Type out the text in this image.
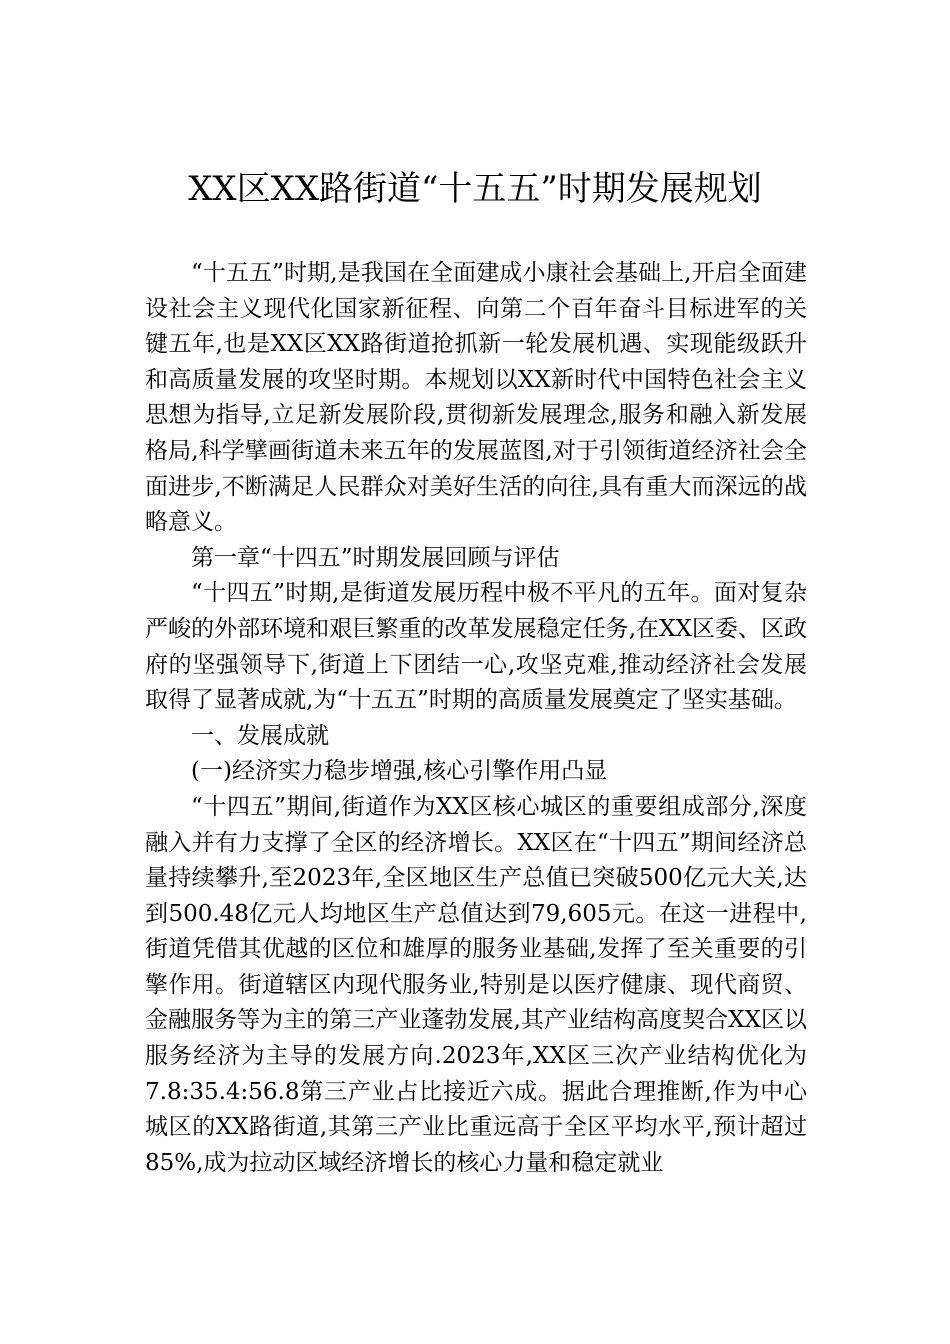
XX区XX路街道“十五五”时期发展规划

“十五五”时期,是我国在全面建成小康社会基础上,开启全面建设社会主义现代化国家新征程、向第二个百年奋斗目标进军的关键五年,也是XX区XX路街道抢抓新一轮发展机遇、实现能级跃升和高质量发展的攻坚时期。本规划以XX新时代中国特色社会主义思想为指导,立足新发展阶段,贯彻新发展理念,服务和融入新发展格局,科学擘画街道未来五年的发展蓝图,对于引领街道经济社会全面进步,不断满足人民群众对美好生活的向往,具有重大而深远的战略意义。

第一章“十四五”时期发展回顾与评估

“十四五”时期,是街道发展历程中极不平凡的五年。面对复杂严峻的外部环境和艰巨繁重的改革发展稳定任务,在XX区委、区政府的坚强领导下,街道上下团结一心,攻坚克难,推动经济社会发展取得了显著成就,为“十五五”时期的高质量发展奠定了坚实基础。

一、发展成就

(一)经济实力稳步增强,核心引擎作用凸显

“十四五”期间,街道作为XX区核心城区的重要组成部分,深度融入并有力支撑了全区的经济增长。XX区在“十四五”期间经济总量持续攀升,至2023年,全区地区生产总值已突破500亿元大关,达到500.48亿元人均地区生产总值达到79,605元。在这一进程中,街道凭借其优越的区位和雄厚的服务业基础,发挥了至关重要的引擎作用。街道辖区内现代服务业,特别是以医疗健康、现代商贸、金融服务等为主的第三产业蓬勃发展,其产业结构高度契合XX区以服务经济为主导的发展方向.2023年,XX区三次产业结构优化为7.8:35.4:56.8第三产业占比接近六成。据此合理推断,作为中心城区的XX路街道,其第三产业比重远高于全区平均水平,预计超过85%,成为拉动区域经济增长的核心力量和稳定就业
